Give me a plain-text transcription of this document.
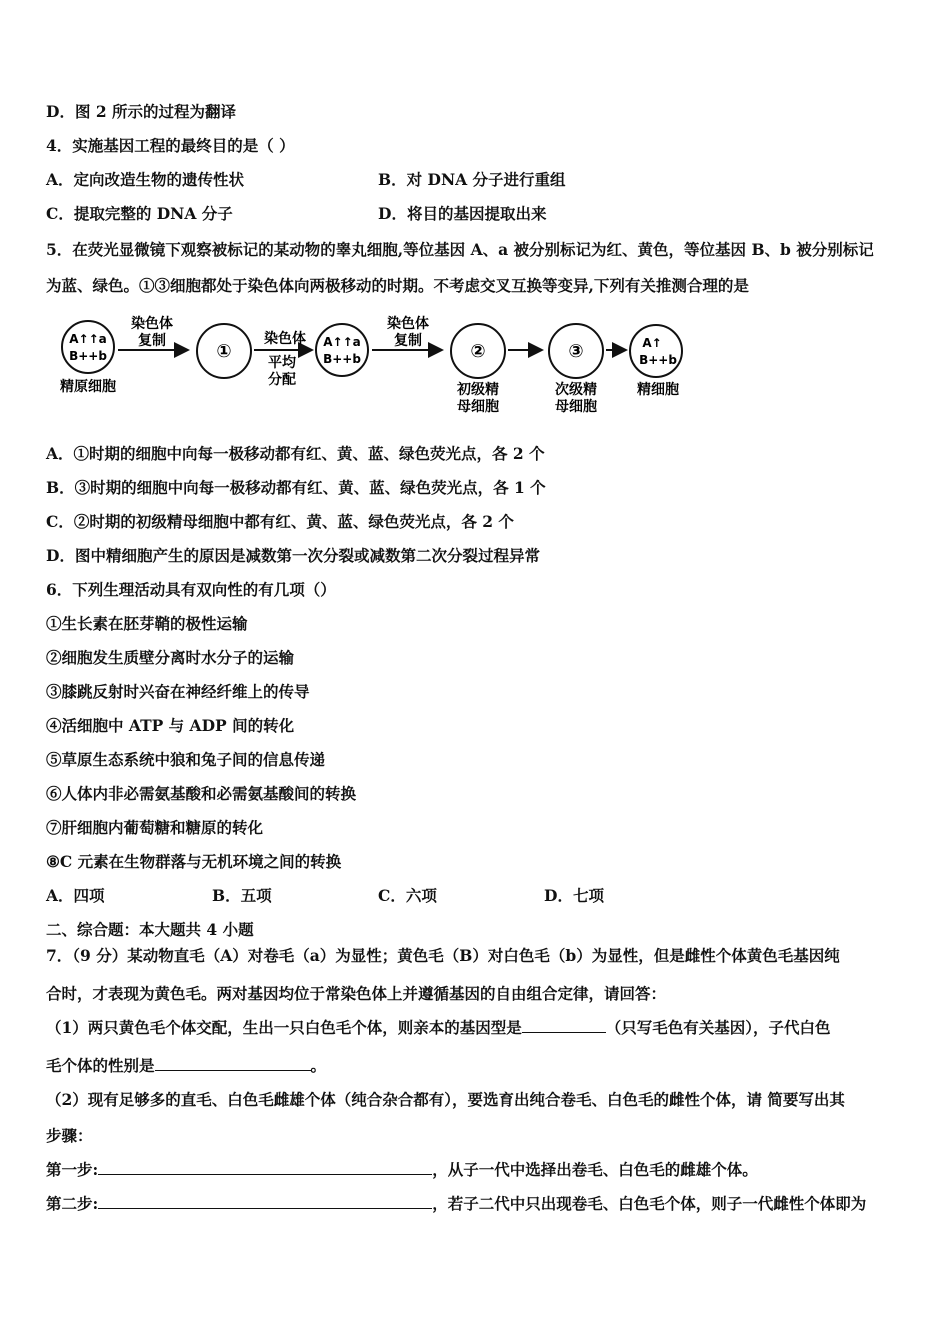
D．图 2 所示的过程为翻译
4．实施基因工程的最终目的是（ ）
A．定向改造生物的遗传性状	B．对 DNA 分子进行重组
C．提取完整的 DNA 分子	D．将目的基因提取出来
5．在荧光显微镜下观察被标记的某动物的睾丸细胞,等位基因 A、a 被分别标记为红、黄色，等位基因 B、b 被分别标记
为蓝、绿色。①③细胞都处于染色体向两极移动的时期。不考虑交叉互换等变异,下列有关推测合理的是
A↑↑a
B++b
精原细胞
染色体
复制	①
染色体
平均
分配
A↑↑a
B++b
染色体
复制	②
初级精
母细胞
③
次级精
母细胞
A↑
B++b
精细胞
A．①时期的细胞中向每一极移动都有红、黄、蓝、绿色荧光点，各 2 个
B．③时期的细胞中向每一极移动都有红、黄、蓝、绿色荧光点，各 1 个
C．②时期的初级精母细胞中都有红、黄、蓝、绿色荧光点，各 2 个
D．图中精细胞产生的原因是减数第一次分裂或减数第二次分裂过程异常
6．下列生理活动具有双向性的有几项（）
①生长素在胚芽鞘的极性运输
②细胞发生质壁分离时水分子的运输
③膝跳反射时兴奋在神经纤维上的传导
④活细胞中 ATP 与 ADP 间的转化
⑤草原生态系统中狼和兔子间的信息传递
⑥人体内非必需氨基酸和必需氨基酸间的转换
⑦肝细胞内葡萄糖和糖原的转化
⑧C 元素在生物群落与无机环境之间的转换
A．四项	B．五项	C．六项	D．七项
二、综合题：本大题共 4 小题
7．（9 分）某动物直毛（A）对卷毛（a）为显性；黄色毛（B）对白色毛（b）为显性，但是雌性个体黄色毛基因纯
合时，才表现为黄色毛。两对基因均位于常染色体上并遵循基因的自由组合定律，请回答：
（1）两只黄色毛个体交配，生出一只白色毛个体，则亲本的基因型是	（只写毛色有关基因），子代白色
毛个体的性别是	。
（2）现有足够多的直毛、白色毛雌雄个体（纯合杂合都有），要选育出纯合卷毛、白色毛的雌性个体，请 简要写出其
步骤：
第一步:	，从子一代中选择出卷毛、白色毛的雌雄个体。
第二步:	，若子二代中只出现卷毛、白色毛个体，则子一代雌性个体即为
